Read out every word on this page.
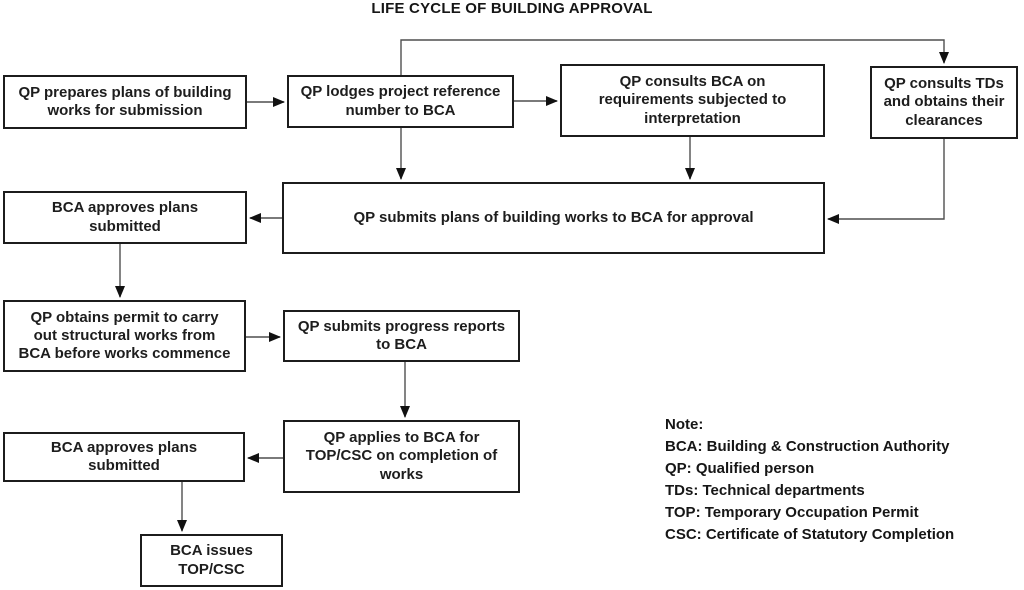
LIFE CYCLE OF BUILDING APPROVAL
QP prepares plans of building works for submission
QP lodges project reference number to BCA
QP consults BCA on requirements subjected to interpretation
QP consults TDs and obtains their clearances
QP submits plans of building works to BCA for approval
BCA approves plans submitted
QP obtains permit to carry out structural works from BCA before works commence
QP submits progress reports to BCA
QP applies to BCA for TOP/CSC on completion of works
BCA approves plans submitted
BCA issues TOP/CSC
Note:
BCA: Building & Construction Authority
QP: Qualified person
TDs: Technical departments
TOP: Temporary Occupation Permit
CSC: Certificate of Statutory Completion
